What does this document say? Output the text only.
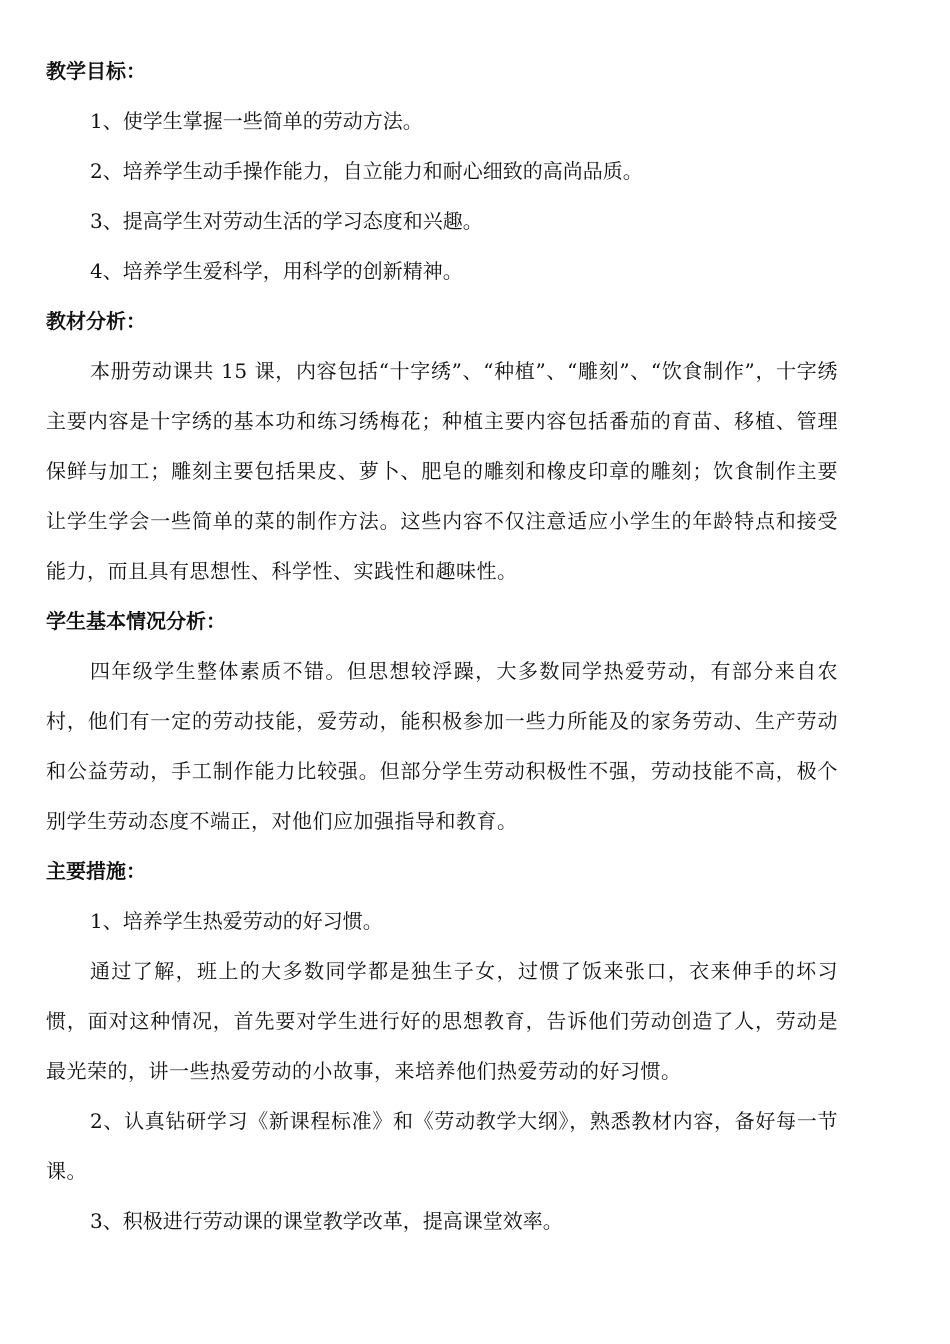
教学目标：
1、使学生掌握一些简单的劳动方法。
2、培养学生动手操作能力，自立能力和耐心细致的高尚品质。
3、提高学生对劳动生活的学习态度和兴趣。
4、培养学生爱科学，用科学的创新精神。
教材分析：
本册劳动课共 15 课，内容包括“十字绣”、“种植”、“雕刻”、“饮食制作”，十字绣主要内容是十字绣的基本功和练习绣梅花；种植主要内容包括番茄的育苗、移植、管理保鲜与加工；雕刻主要包括果皮、萝卜、肥皂的雕刻和橡皮印章的雕刻；饮食制作主要让学生学会一些简单的菜的制作方法。这些内容不仅注意适应小学生的年龄特点和接受能力，而且具有思想性、科学性、实践性和趣味性。
学生基本情况分析：
四年级学生整体素质不错。但思想较浮躁，大多数同学热爱劳动，有部分来自农村，他们有一定的劳动技能，爱劳动，能积极参加一些力所能及的家务劳动、生产劳动和公益劳动，手工制作能力比较强。但部分学生劳动积极性不强，劳动技能不高，极个别学生劳动态度不端正，对他们应加强指导和教育。
主要措施：
1、培养学生热爱劳动的好习惯。
通过了解，班上的大多数同学都是独生子女，过惯了饭来张口，衣来伸手的坏习惯，面对这种情况，首先要对学生进行好的思想教育，告诉他们劳动创造了人，劳动是最光荣的，讲一些热爱劳动的小故事，来培养他们热爱劳动的好习惯。
2、认真钻研学习《新课程标准》和《劳动教学大纲》，熟悉教材内容，备好每一节课。
3、积极进行劳动课的课堂教学改革，提高课堂效率。
